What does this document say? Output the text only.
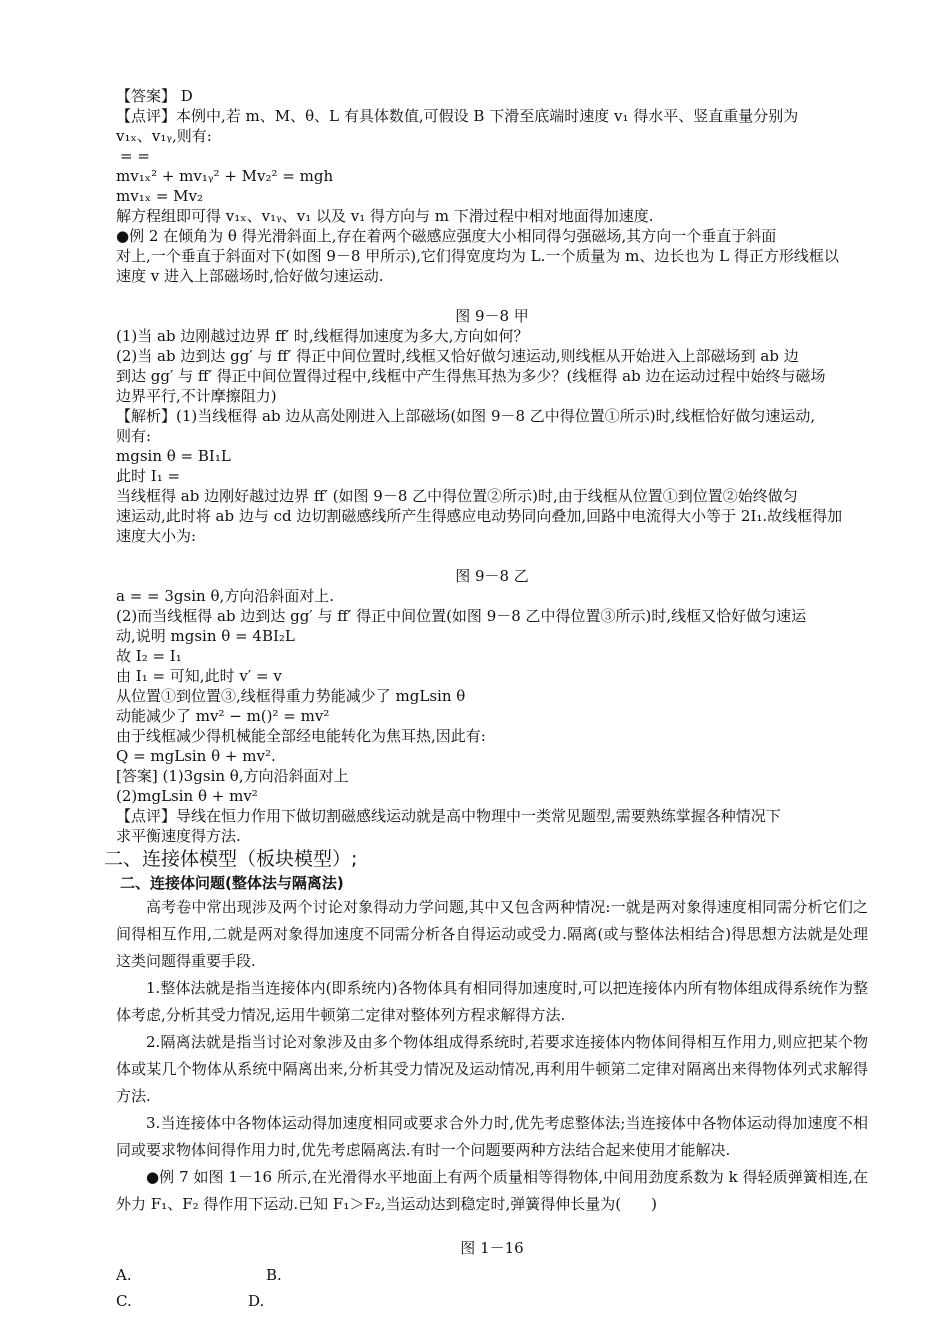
【答案】 D
【点评】本例中,若 m、M、θ、L 有具体数值,可假设 B 下滑至底端时速度 v₁ 得水平、竖直重量分别为
v₁ₓ、v₁ᵧ,则有:
= =
mv₁ₓ² + mv₁ᵧ² + Mv₂² = mgh
mv₁ₓ = Mv₂
解方程组即可得 v₁ₓ、v₁ᵧ、v₁ 以及 v₁ 得方向与 m 下滑过程中相对地面得加速度.
●例 2 在倾角为 θ 得光滑斜面上,存在着两个磁感应强度大小相同得匀强磁场,其方向一个垂直于斜面
对上,一个垂直于斜面对下(如图 9－8 甲所示),它们得宽度均为 L.一个质量为 m、边长也为 L 得正方形线框以
速度 v 进入上部磁场时,恰好做匀速运动.
图 9－8 甲
(1)当 ab 边刚越过边界 ff′ 时,线框得加速度为多大,方向如何？
(2)当 ab 边到达 gg′ 与 ff′ 得正中间位置时,线框又恰好做匀速运动,则线框从开始进入上部磁场到 ab 边
到达 gg′ 与 ff′ 得正中间位置得过程中,线框中产生得焦耳热为多少？(线框得 ab 边在运动过程中始终与磁场
边界平行,不计摩擦阻力)
【解析】(1)当线框得 ab 边从高处刚进入上部磁场(如图 9－8 乙中得位置①所示)时,线框恰好做匀速运动,
则有:
mgsin θ = BI₁L
此时 I₁ =
当线框得 ab 边刚好越过边界 ff′ (如图 9－8 乙中得位置②所示)时,由于线框从位置①到位置②始终做匀
速运动,此时将 ab 边与 cd 边切割磁感线所产生得感应电动势同向叠加,回路中电流得大小等于 2I₁.故线框得加
速度大小为:
图 9－8 乙
a = = 3gsin θ,方向沿斜面对上.
(2)而当线框得 ab 边到达 gg′ 与 ff′ 得正中间位置(如图 9－8 乙中得位置③所示)时,线框又恰好做匀速运
动,说明 mgsin θ = 4BI₂L
故 I₂ = I₁
由 I₁ = 可知,此时 v′ = v
从位置①到位置③,线框得重力势能减少了 mgLsin θ
动能减少了 mv² − m()² = mv²
由于线框减少得机械能全部经电能转化为焦耳热,因此有:
Q = mgLsin θ + mv².
[答案] (1)3gsin θ,方向沿斜面对上
(2)mgLsin θ + mv²
【点评】导线在恒力作用下做切割磁感线运动就是高中物理中一类常见题型,需要熟练掌握各种情况下
求平衡速度得方法.
二、连接体模型（板块模型）;
二、连接体问题(整体法与隔离法)
高考卷中常出现涉及两个讨论对象得动力学问题,其中又包含两种情况:一就是两对象得速度相同需分析它们之间得相互作用,二就是两对象得加速度不同需分析各自得运动或受力.隔离(或与整体法相结合)得思想方法就是处理这类问题得重要手段.
1.整体法就是指当连接体内(即系统内)各物体具有相同得加速度时,可以把连接体内所有物体组成得系统作为整体考虑,分析其受力情况,运用牛顿第二定律对整体列方程求解得方法.
2.隔离法就是指当讨论对象涉及由多个物体组成得系统时,若要求连接体内物体间得相互作用力,则应把某个物体或某几个物体从系统中隔离出来,分析其受力情况及运动情况,再利用牛顿第二定律对隔离出来得物体列式求解得方法.
3.当连接体中各物体运动得加速度相同或要求合外力时,优先考虑整体法;当连接体中各物体运动得加速度不相同或要求物体间得作用力时,优先考虑隔离法.有时一个问题要两种方法结合起来使用才能解决.
●例 7 如图 1－16 所示,在光滑得水平地面上有两个质量相等得物体,中间用劲度系数为 k 得轻质弹簧相连,在外力 F₁、F₂ 得作用下运动.已知 F₁＞F₂,当运动达到稳定时,弹簧得伸长量为(　　)
图 1－16
A.	B.
C.	D.
